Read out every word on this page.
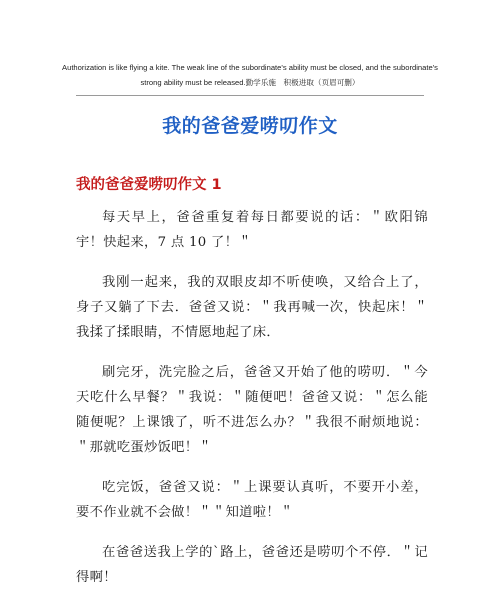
Authorization is like flying a kite. The weak line of the subordinate's ability must be closed, and the subordinate's
strong ability must be released.勤学乐施　积极进取（页眉可删）
我的爸爸爱唠叨作文
我的爸爸爱唠叨作文 1

每天早上，爸爸重复着每日都要说的话：＂欧阳锦宇！快起来，7 点 10 了！＂

我刚一起来，我的双眼皮却不听使唤，又给合上了，身子又躺了下去．爸爸又说：＂我再喊一次，快起床！＂我揉了揉眼睛，不情愿地起了床．

刷完牙，洗完脸之后，爸爸又开始了他的唠叨．＂今天吃什么早餐？＂我说：＂随便吧！爸爸又说：＂怎么能随便呢？上课饿了，听不进怎么办？＂我很不耐烦地说：＂那就吃蛋炒饭吧！＂

吃完饭，爸爸又说：＂上课要认真听，不要开小差，要不作业就不会做！＂＂知道啦！＂

在爸爸送我上学的`路上，爸爸还是唠叨个不停．＂记得啊！
